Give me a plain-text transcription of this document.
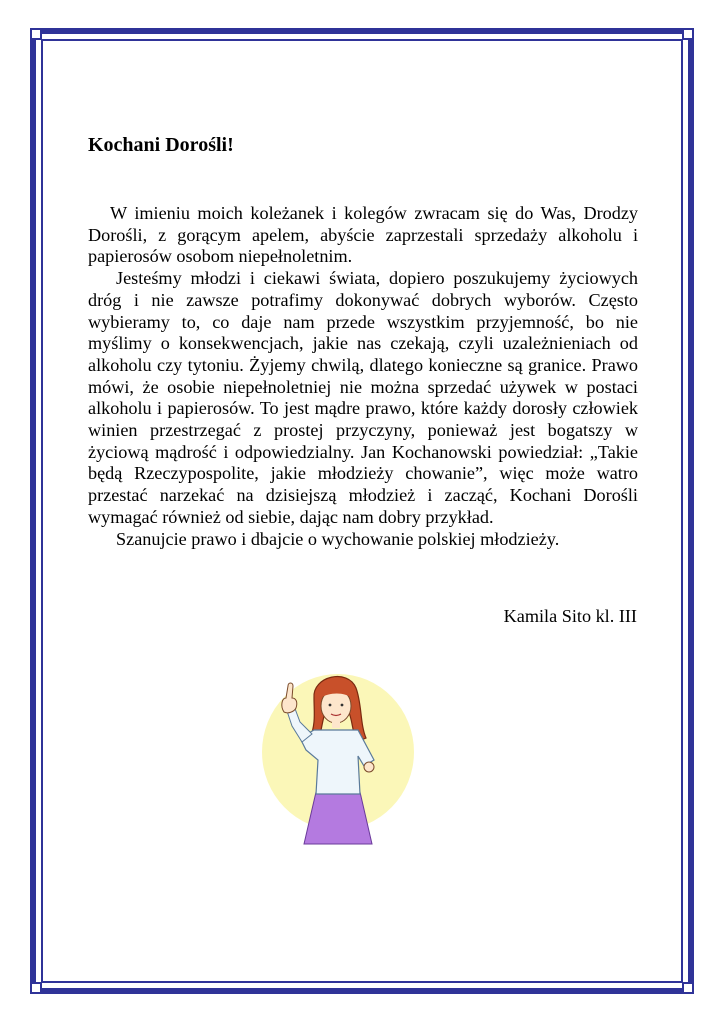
Kochani Dorośli!

W imieniu moich koleżanek i kolegów zwracam się do Was, Drodzy Dorośli, z gorącym apelem, abyście zaprzestali sprzedaży alkoholu i papierosów osobom niepełnoletnim.

Jesteśmy młodzi i ciekawi świata, dopiero poszukujemy życiowych dróg i nie zawsze potrafimy dokonywać dobrych wyborów. Często wybieramy to, co daje nam przede wszystkim przyjemność, bo nie myślimy o konsekwencjach, jakie nas czekają, czyli uzależnieniach od alkoholu czy tytoniu. Żyjemy chwilą, dlatego konieczne są granice. Prawo mówi, że osobie niepełnoletniej nie można sprzedać używek w postaci alkoholu i papierosów. To jest mądre prawo, które każdy dorosły człowiek winien przestrzegać z prostej przyczyny, ponieważ jest bogatszy w życiową mądrość i odpowiedzialny. Jan Kochanowski powiedział: „Takie będą Rzeczypospolite, jakie młodzieży chowanie”, więc może watro przestać narzekać na dzisiejszą młodzież i zacząć, Kochani Dorośli wymagać również od siebie, dając nam dobry przykład.

Szanujcie prawo i dbajcie o wychowanie polskiej młodzieży.

Kamila Sito kl. III
